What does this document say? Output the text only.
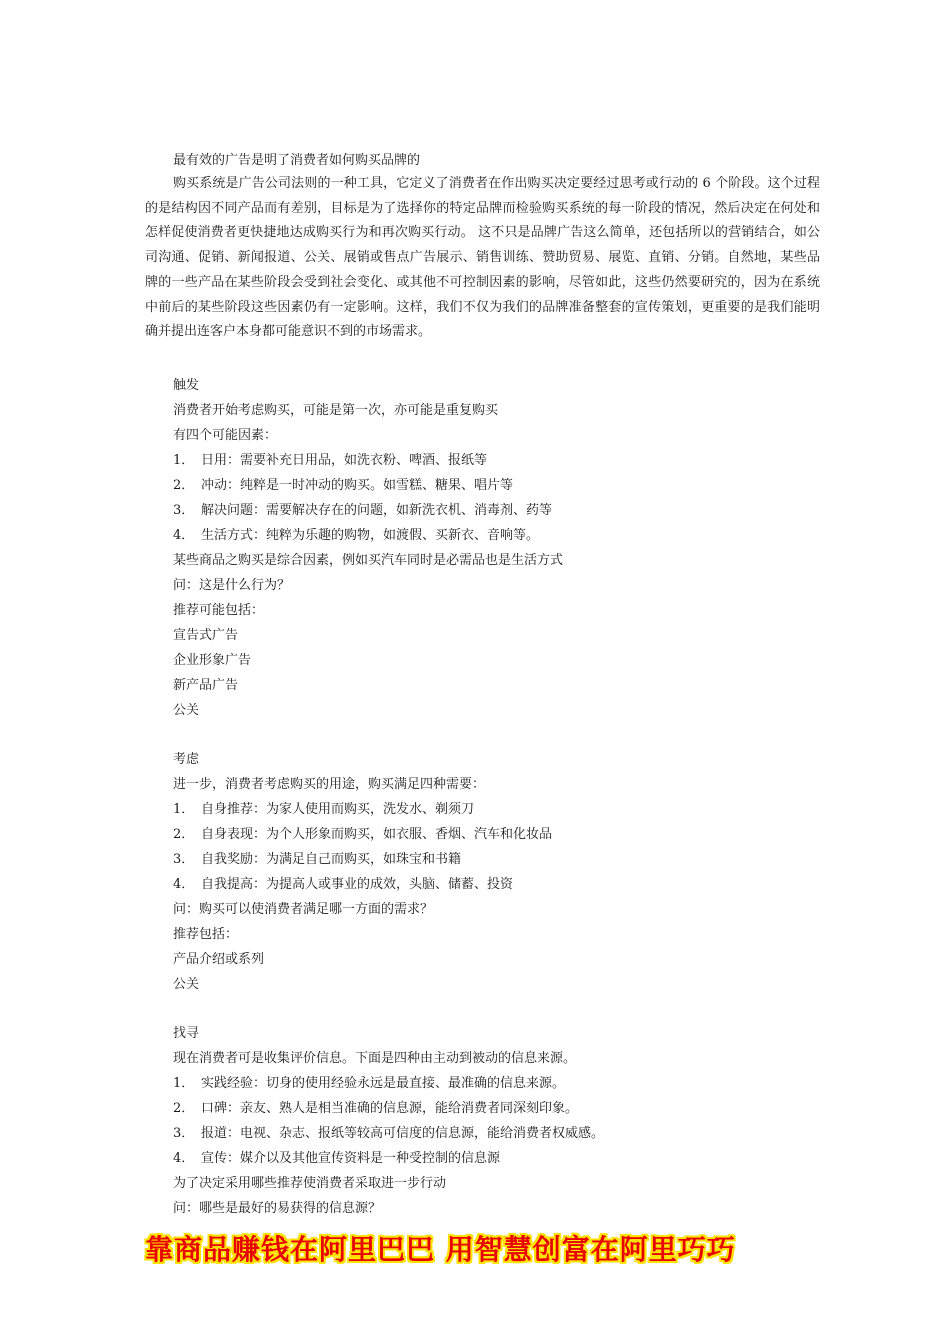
最有效的广告是明了消费者如何购买品牌的
购买系统是广告公司法则的一种工具，它定义了消费者在作出购买决定要经过思考或行动的 6 个阶段。这个过程的是结构因不同产品而有差别，目标是为了选择你的特定品牌而检验购买系统的每一阶段的情况，然后决定在何处和怎样促使消费者更快捷地达成购买行为和再次购买行动。 这不只是品牌广告这么简单，还包括所以的营销结合，如公司沟通、促销、新闻报道、公关、展销或售点广告展示、销售训练、赞助贸易、展览、直销、分销。自然地，某些品牌的一些产品在某些阶段会受到社会变化、或其他不可控制因素的影响，尽管如此，这些仍然要研究的，因为在系统中前后的某些阶段这些因素仍有一定影响。这样，我们不仅为我们的品牌准备整套的宣传策划，更重要的是我们能明确并提出连客户本身都可能意识不到的市场需求。
触发
消费者开始考虑购买，可能是第一次，亦可能是重复购买
有四个可能因素：
1． 日用：需要补充日用品，如洗衣粉、啤酒、报纸等
2． 冲动：纯粹是一时冲动的购买。如雪糕、糖果、唱片等
3． 解决问题：需要解决存在的问题，如新洗衣机、消毒剂、药等
4． 生活方式：纯粹为乐趣的购物，如渡假、买新衣、音响等。
某些商品之购买是综合因素，例如买汽车同时是必需品也是生活方式
问：这是什么行为？
推荐可能包括：
宣告式广告
企业形象广告
新产品广告
公关
考虑
进一步，消费者考虑购买的用途，购买满足四种需要：
1． 自身推荐：为家人使用而购买，洗发水、剃须刀
2． 自身表现：为个人形象而购买，如衣服、香烟、汽车和化妆品
3． 自我奖励：为满足自己而购买，如珠宝和书籍
4． 自我提高：为提高人或事业的成效，头脑、储蓄、投资
问：购买可以使消费者满足哪一方面的需求？
推荐包括：
产品介绍或系列
公关
找寻
现在消费者可是收集评价信息。下面是四种由主动到被动的信息来源。
1． 实践经验：切身的使用经验永远是最直接、最准确的信息来源。
2． 口碑：亲友、熟人是相当准确的信息源，能给消费者同深刻印象。
3． 报道：电视、杂志、报纸等较高可信度的信息源，能给消费者权威感。
4． 宣传：媒介以及其他宣传资料是一种受控制的信息源
为了决定采用哪些推荐使消费者采取进一步行动
问：哪些是最好的易获得的信息源？
靠商品赚钱在阿里巴巴 用智慧创富在阿里巧巧
